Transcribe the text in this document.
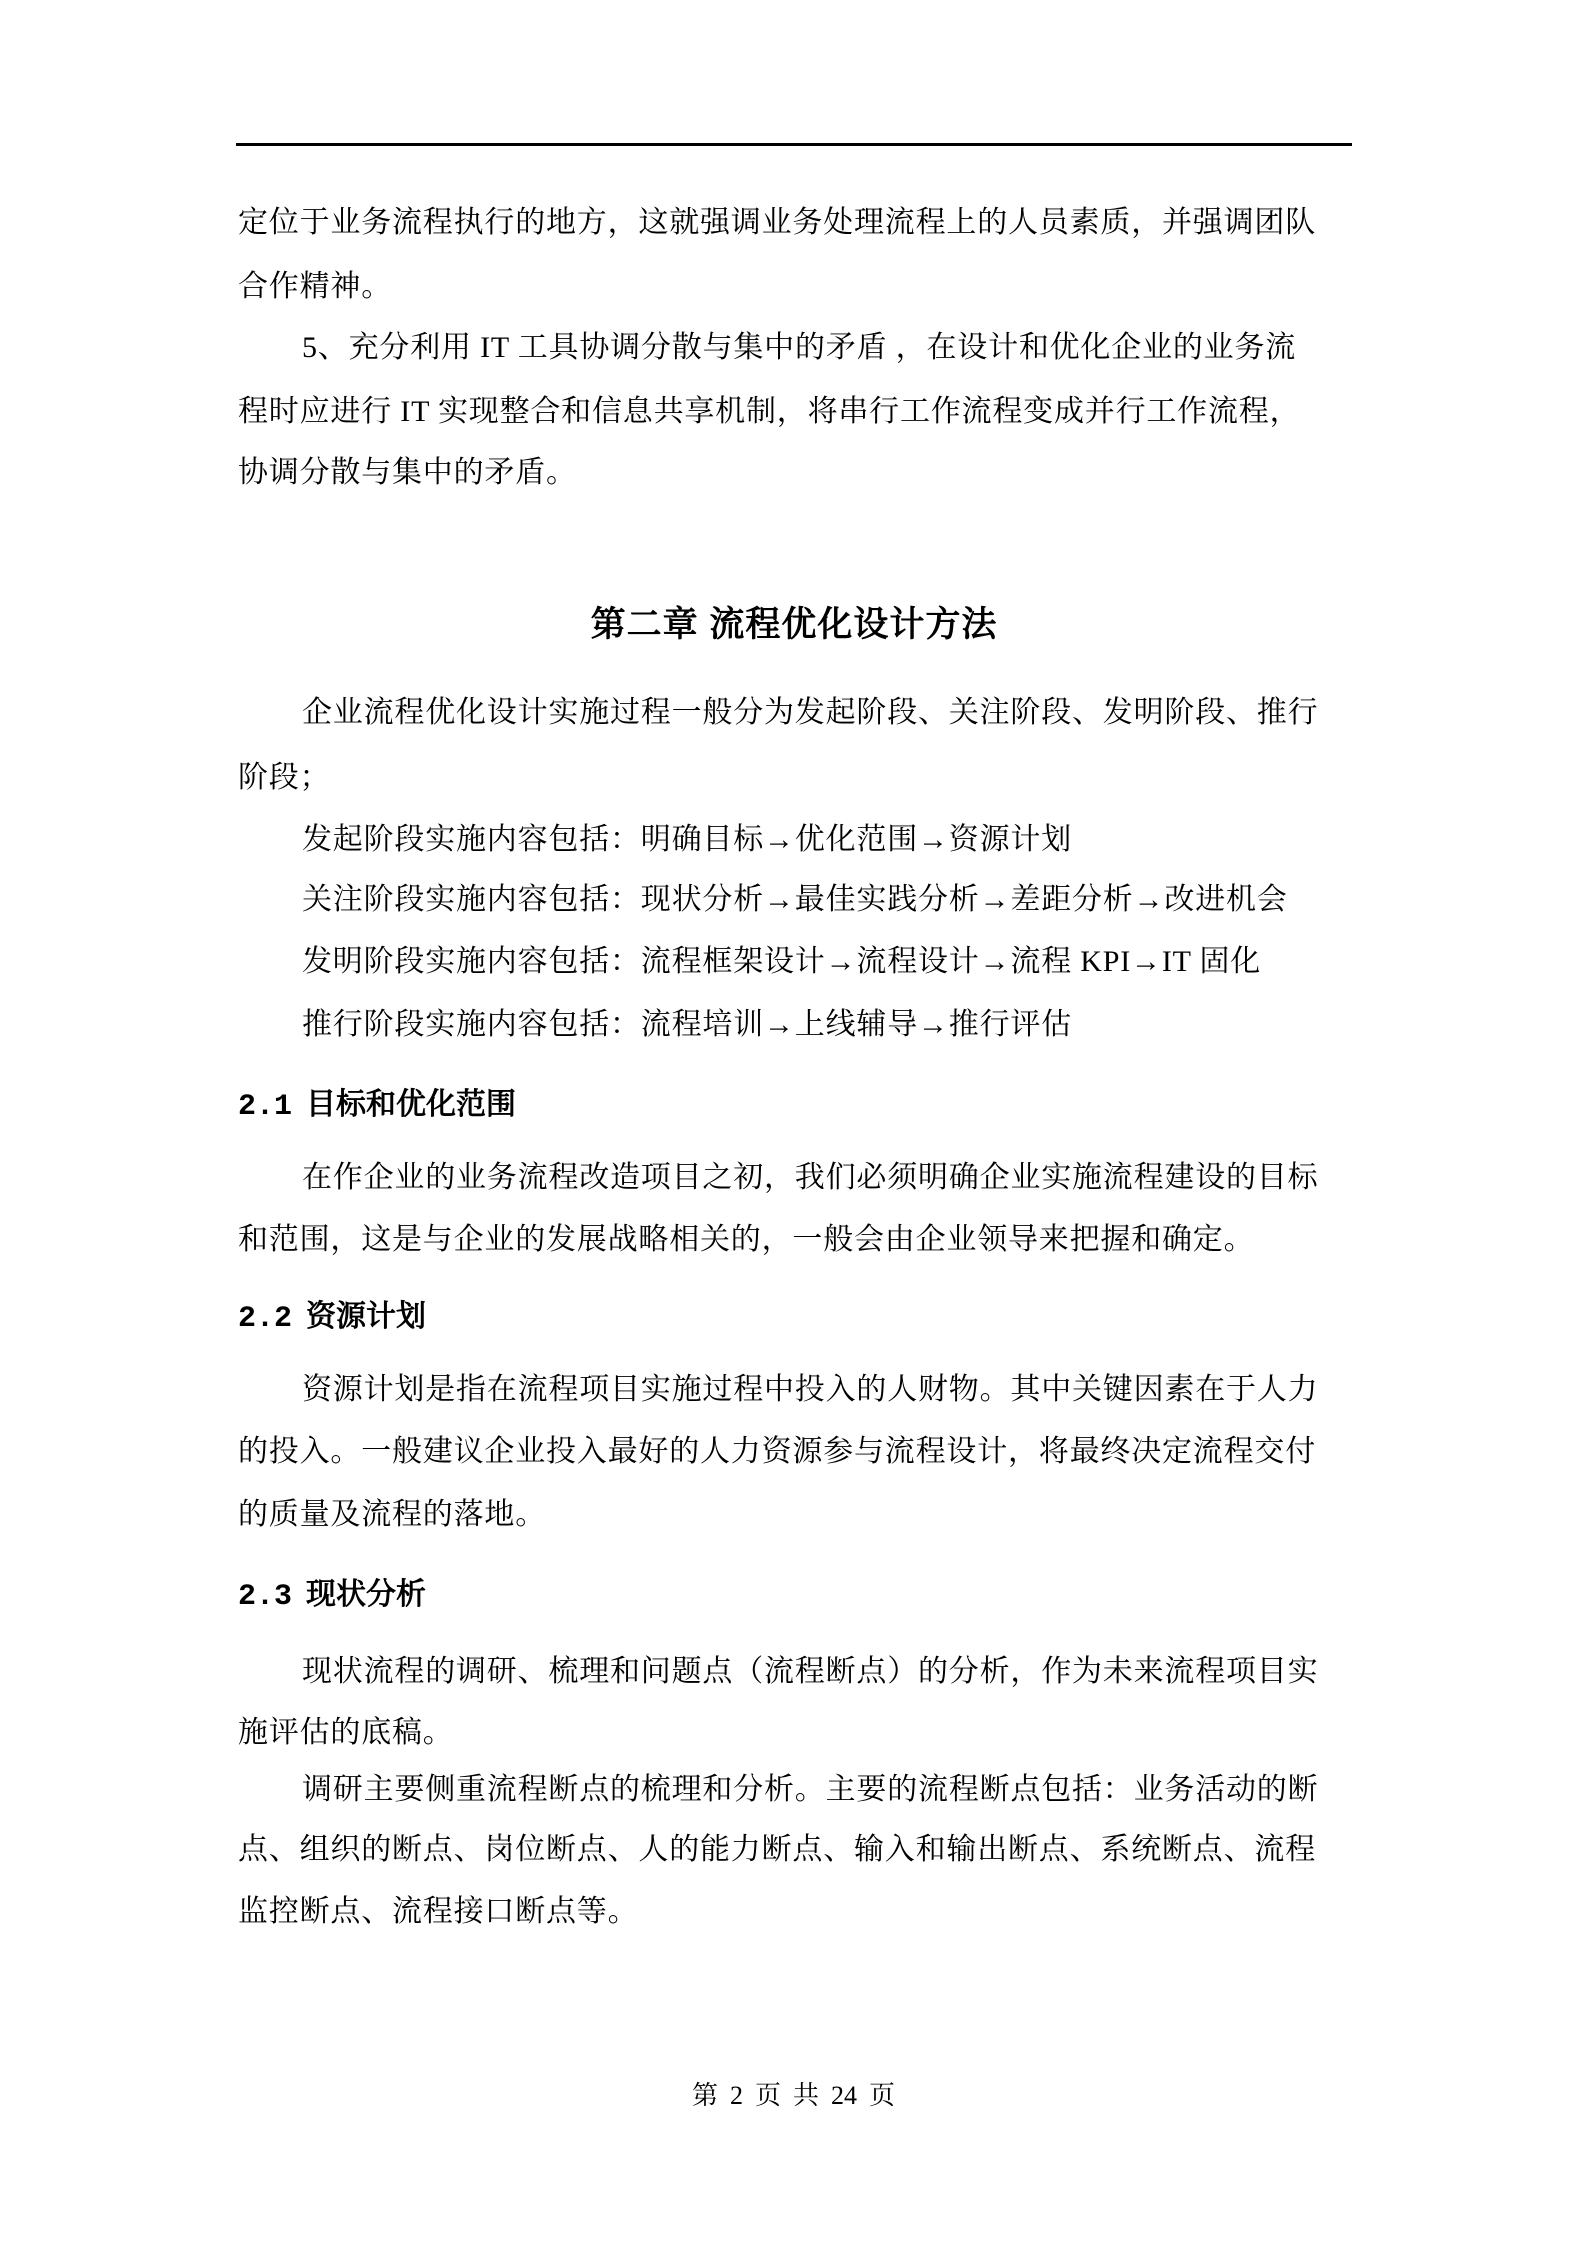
定位于业务流程执行的地方，这就强调业务处理流程上的人员素质，并强调团队
合作精神。
5、充分利用 IT 工具协调分散与集中的矛盾 ，在设计和优化企业的业务流
程时应进行 IT 实现整合和信息共享机制，将串行工作流程变成并行工作流程，
协调分散与集中的矛盾。
第二章 流程优化设计方法
企业流程优化设计实施过程一般分为发起阶段、关注阶段、发明阶段、推行
阶段；
发起阶段实施内容包括：明确目标→优化范围→资源计划
关注阶段实施内容包括：现状分析→最佳实践分析→差距分析→改进机会
发明阶段实施内容包括：流程框架设计→流程设计→流程 KPI→IT 固化
推行阶段实施内容包括：流程培训→上线辅导→推行评估
2.1 目标和优化范围
在作企业的业务流程改造项目之初，我们必须明确企业实施流程建设的目标
和范围，这是与企业的发展战略相关的，一般会由企业领导来把握和确定。
2.2 资源计划
资源计划是指在流程项目实施过程中投入的人财物。其中关键因素在于人力
的投入。一般建议企业投入最好的人力资源参与流程设计，将最终决定流程交付
的质量及流程的落地。
2.3 现状分析
现状流程的调研、梳理和问题点（流程断点）的分析，作为未来流程项目实
施评估的底稿。
调研主要侧重流程断点的梳理和分析。主要的流程断点包括：业务活动的断
点、组织的断点、岗位断点、人的能力断点、输入和输出断点、系统断点、流程
监控断点、流程接口断点等。
第 2 页 共 24 页
